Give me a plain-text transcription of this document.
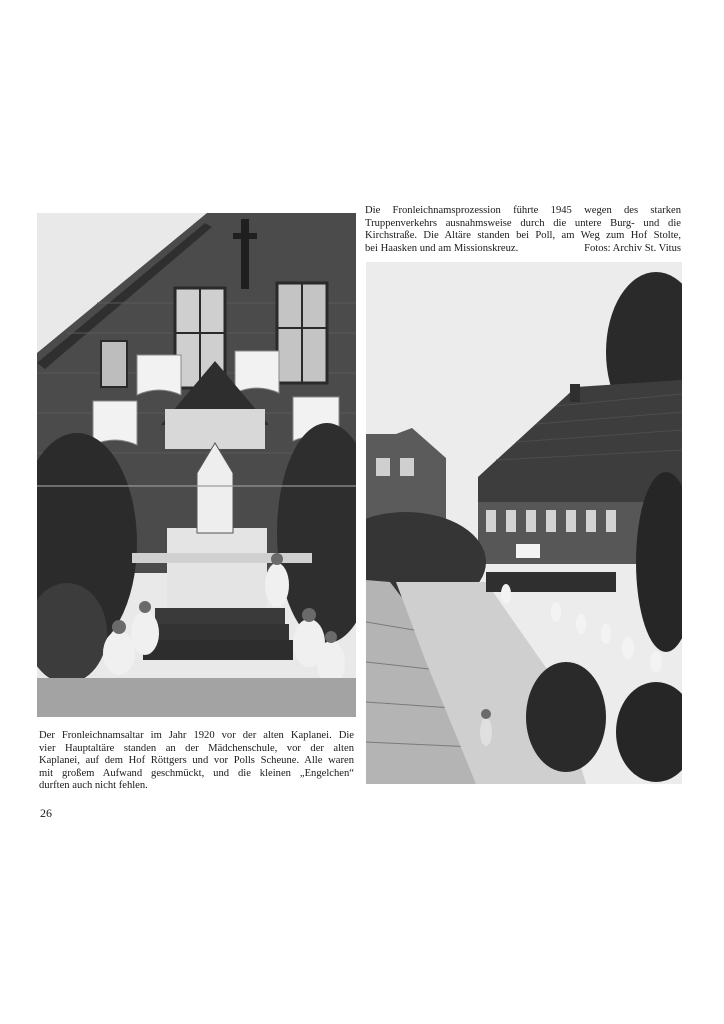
Die Fronleichnamsprozession führte 1945 wegen des starken
Truppenverkehrs ausnahmsweise durch die untere Burg- und die
Kirchstraße. Die Altäre standen bei Poll, am Weg zum Hof Stolte,
bei Haasken und am Missionskreuz.	Fotos: Archiv St. Vitus
Der Fronleichnamsaltar im Jahr 1920 vor der alten Kaplanei. Die
vier Hauptaltäre standen an der Mädchenschule, vor der alten
Kaplanei, auf dem Hof Röttgers und vor Polls Scheune. Alle waren
mit großem Aufwand geschmückt, und die kleinen „Engelchen“
durften auch nicht fehlen.
26
